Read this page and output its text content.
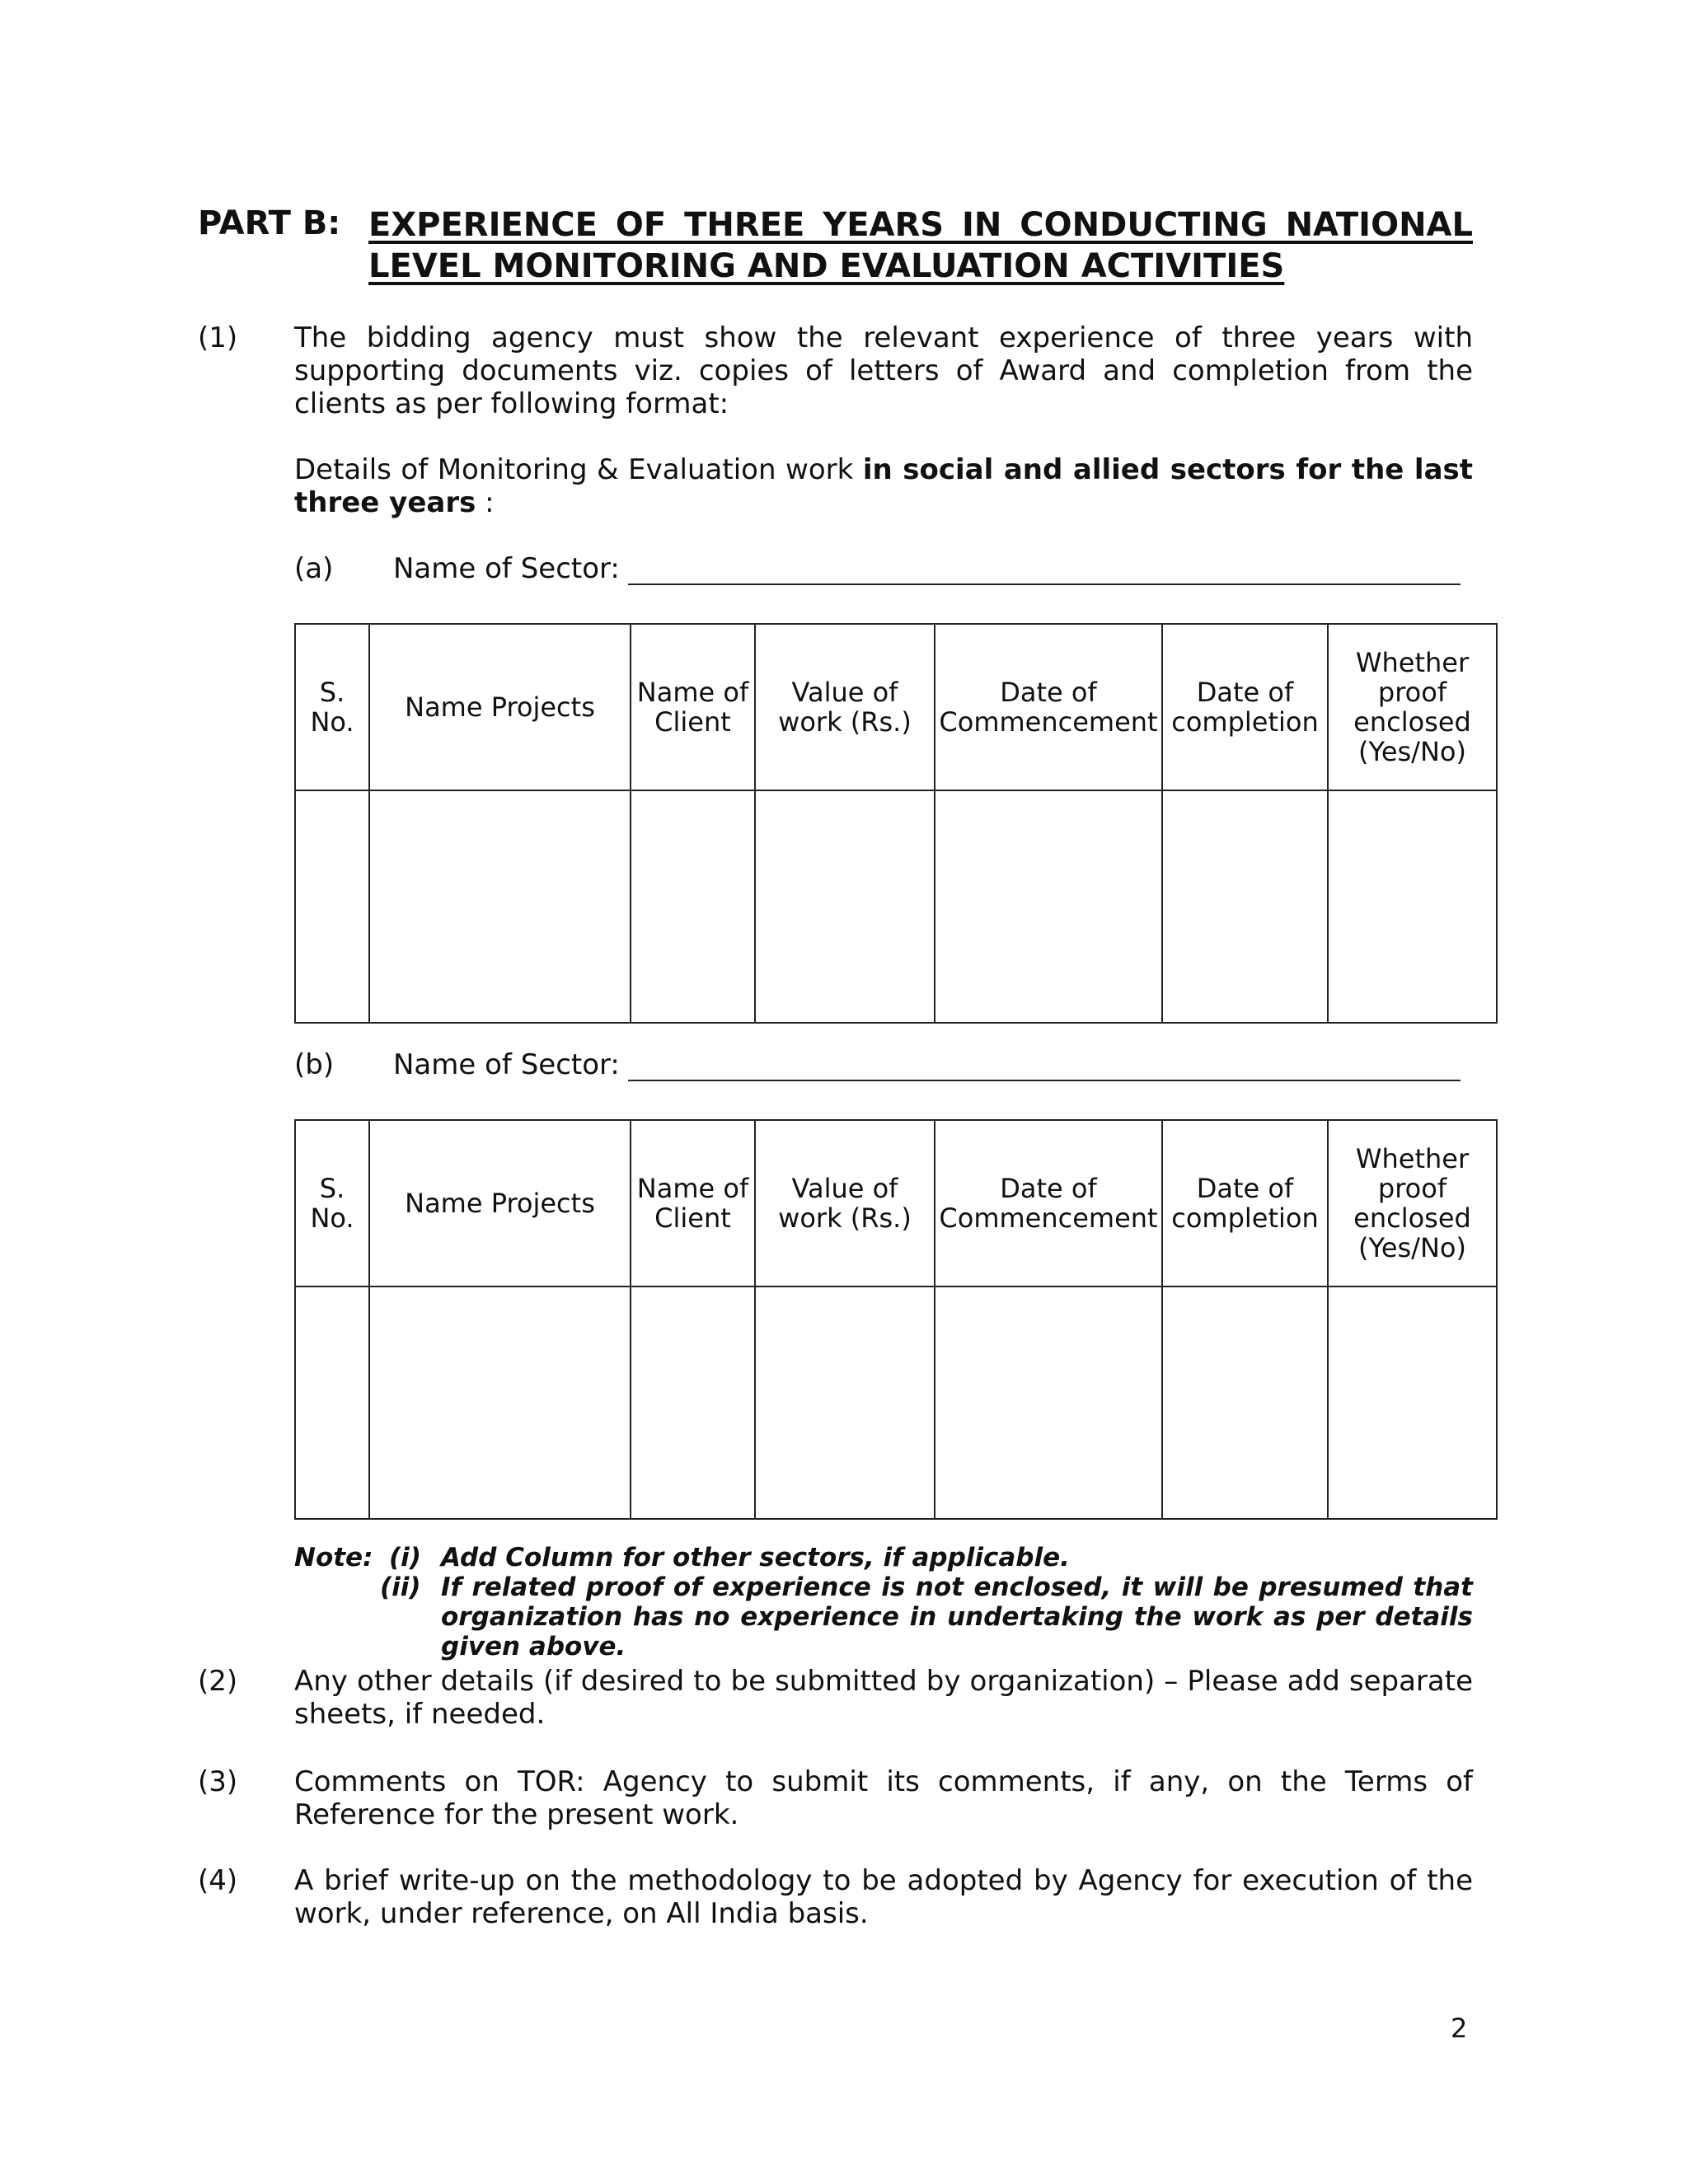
PART B: EXPERIENCE OF THREE YEARS IN CONDUCTING NATIONAL LEVEL MONITORING AND EVALUATION ACTIVITIES
(1) The bidding agency must show the relevant experience of three years with supporting documents viz. copies of letters of Award and completion from the clients as per following format:
Details of Monitoring & Evaluation work in social and allied sectors for the last three years :
(a) Name of Sector:
S. No.	Name Projects	Name of Client	Value of work (Rs.)	Date of Commencement	Date of completion	Whether proof enclosed (Yes/No)

(b) Name of Sector:
S. No.	Name Projects	Name of Client	Value of work (Rs.)	Date of Commencement	Date of completion	Whether proof enclosed (Yes/No)

Note: (i) Add Column for other sectors, if applicable.
(ii) If related proof of experience is not enclosed, it will be presumed that organization has no experience in undertaking the work as per details given above.
(2) Any other details (if desired to be submitted by organization) – Please add separate sheets, if needed.
(3) Comments on TOR: Agency to submit its comments, if any, on the Terms of Reference for the present work.
(4) A brief write-up on the methodology to be adopted by Agency for execution of the work, under reference, on All India basis.
2
